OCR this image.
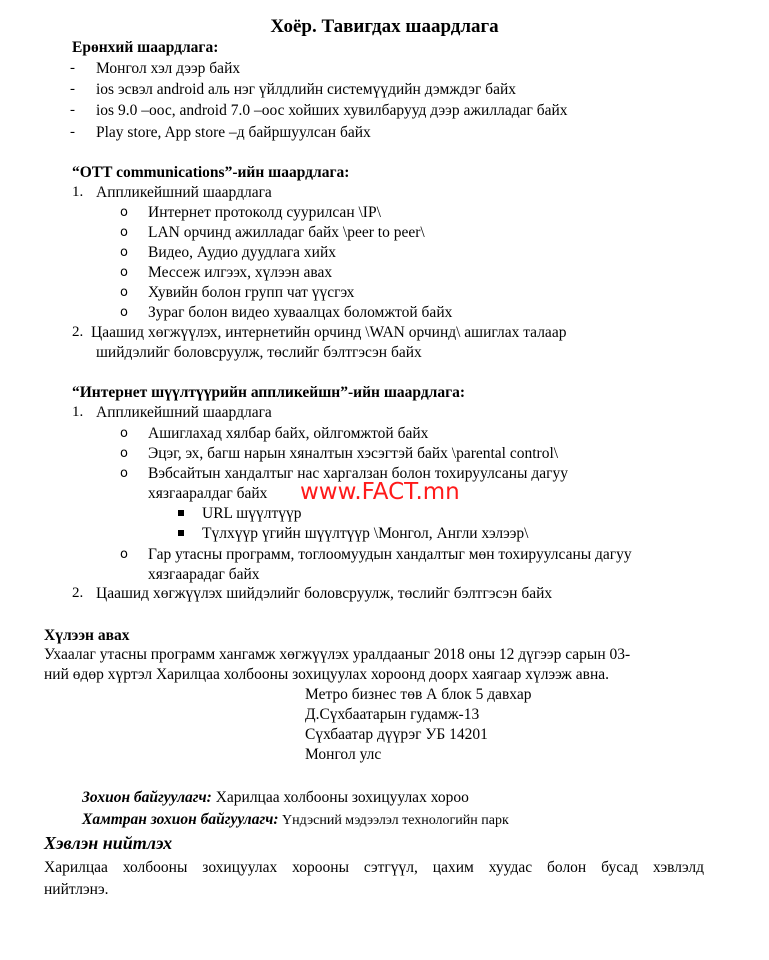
Хоёр. Тавигдах шаардлага
Ерөнхий шаардлага:
- Монгол хэл дээр байх
- ios эсвэл android аль нэг үйлдлийн системүүдийн дэмждэг байх
- ios 9.0 –оос, android 7.0 –оос хойших хувилбарууд дээр ажилладаг байх
- Play store, App store –д байршуулсан байх
“OTT communications”-ийн шаардлага:
1. Аппликейшний шаардлага
o Интернет протоколд суурилсан \IP\
o LAN орчинд ажилладаг байх \peer to peer\
o Видео, Аудио дуудлага хийх
o Мессеж илгээх, хүлээн авах
o Хувийн болон групп чат үүсгэх
o Зураг болон видео хуваалцах боломжтой байх
2. Цаашид хөгжүүлэх, интернетийн орчинд \WAN орчинд\ ашиглах талаар
шийдэлийг боловсруулж, төслийг бэлтгэсэн байх
“Интернет шүүлтүүрийн аппликейшн”-ийн шаардлага:
1. Аппликейшний шаардлага
o Ашиглахад хялбар байх, ойлгомжтой байх
o Эцэг, эх, багш нарын хяналтын хэсэгтэй байх \parental control\
o Вэбсайтын хандалтыг нас харгалзан болон тохируулсаны дагуу
хязгааралдаг байх www.FACT.mn
URL шүүлтүүр
Түлхүүр үгийн шүүлтүүр \Монгол, Англи хэлээр\
o Гар утасны программ, тоглоомуудын хандалтыг мөн тохируулсаны дагуу
хязгаарадаг байх
2. Цаашид хөгжүүлэх шийдэлийг боловсруулж, төслийг бэлтгэсэн байх
Хүлээн авах
Ухаалаг утасны программ хангамж хөгжүүлэх уралдааныг 2018 оны 12 дүгээр сарын 03-
ний өдөр хүртэл Харилцаа холбооны зохицуулах хороонд доорх хаягаар хүлээж авна.
Метро бизнес төв А блок 5 давхар
Д.Сүхбаатарын гудамж-13
Сүхбаатар дүүрэг УБ 14201
Монгол улс
Зохион байгуулагч: Харилцаа холбооны зохицуулах хороо
Хамтран зохион байгуулагч: Үндэсний мэдээлэл технологийн парк
Хэвлэн нийтлэх
Харилцаа холбооны зохицуулах хорооны сэтгүүл, цахим хуудас болон бусад хэвлэлд
нийтлэнэ.
